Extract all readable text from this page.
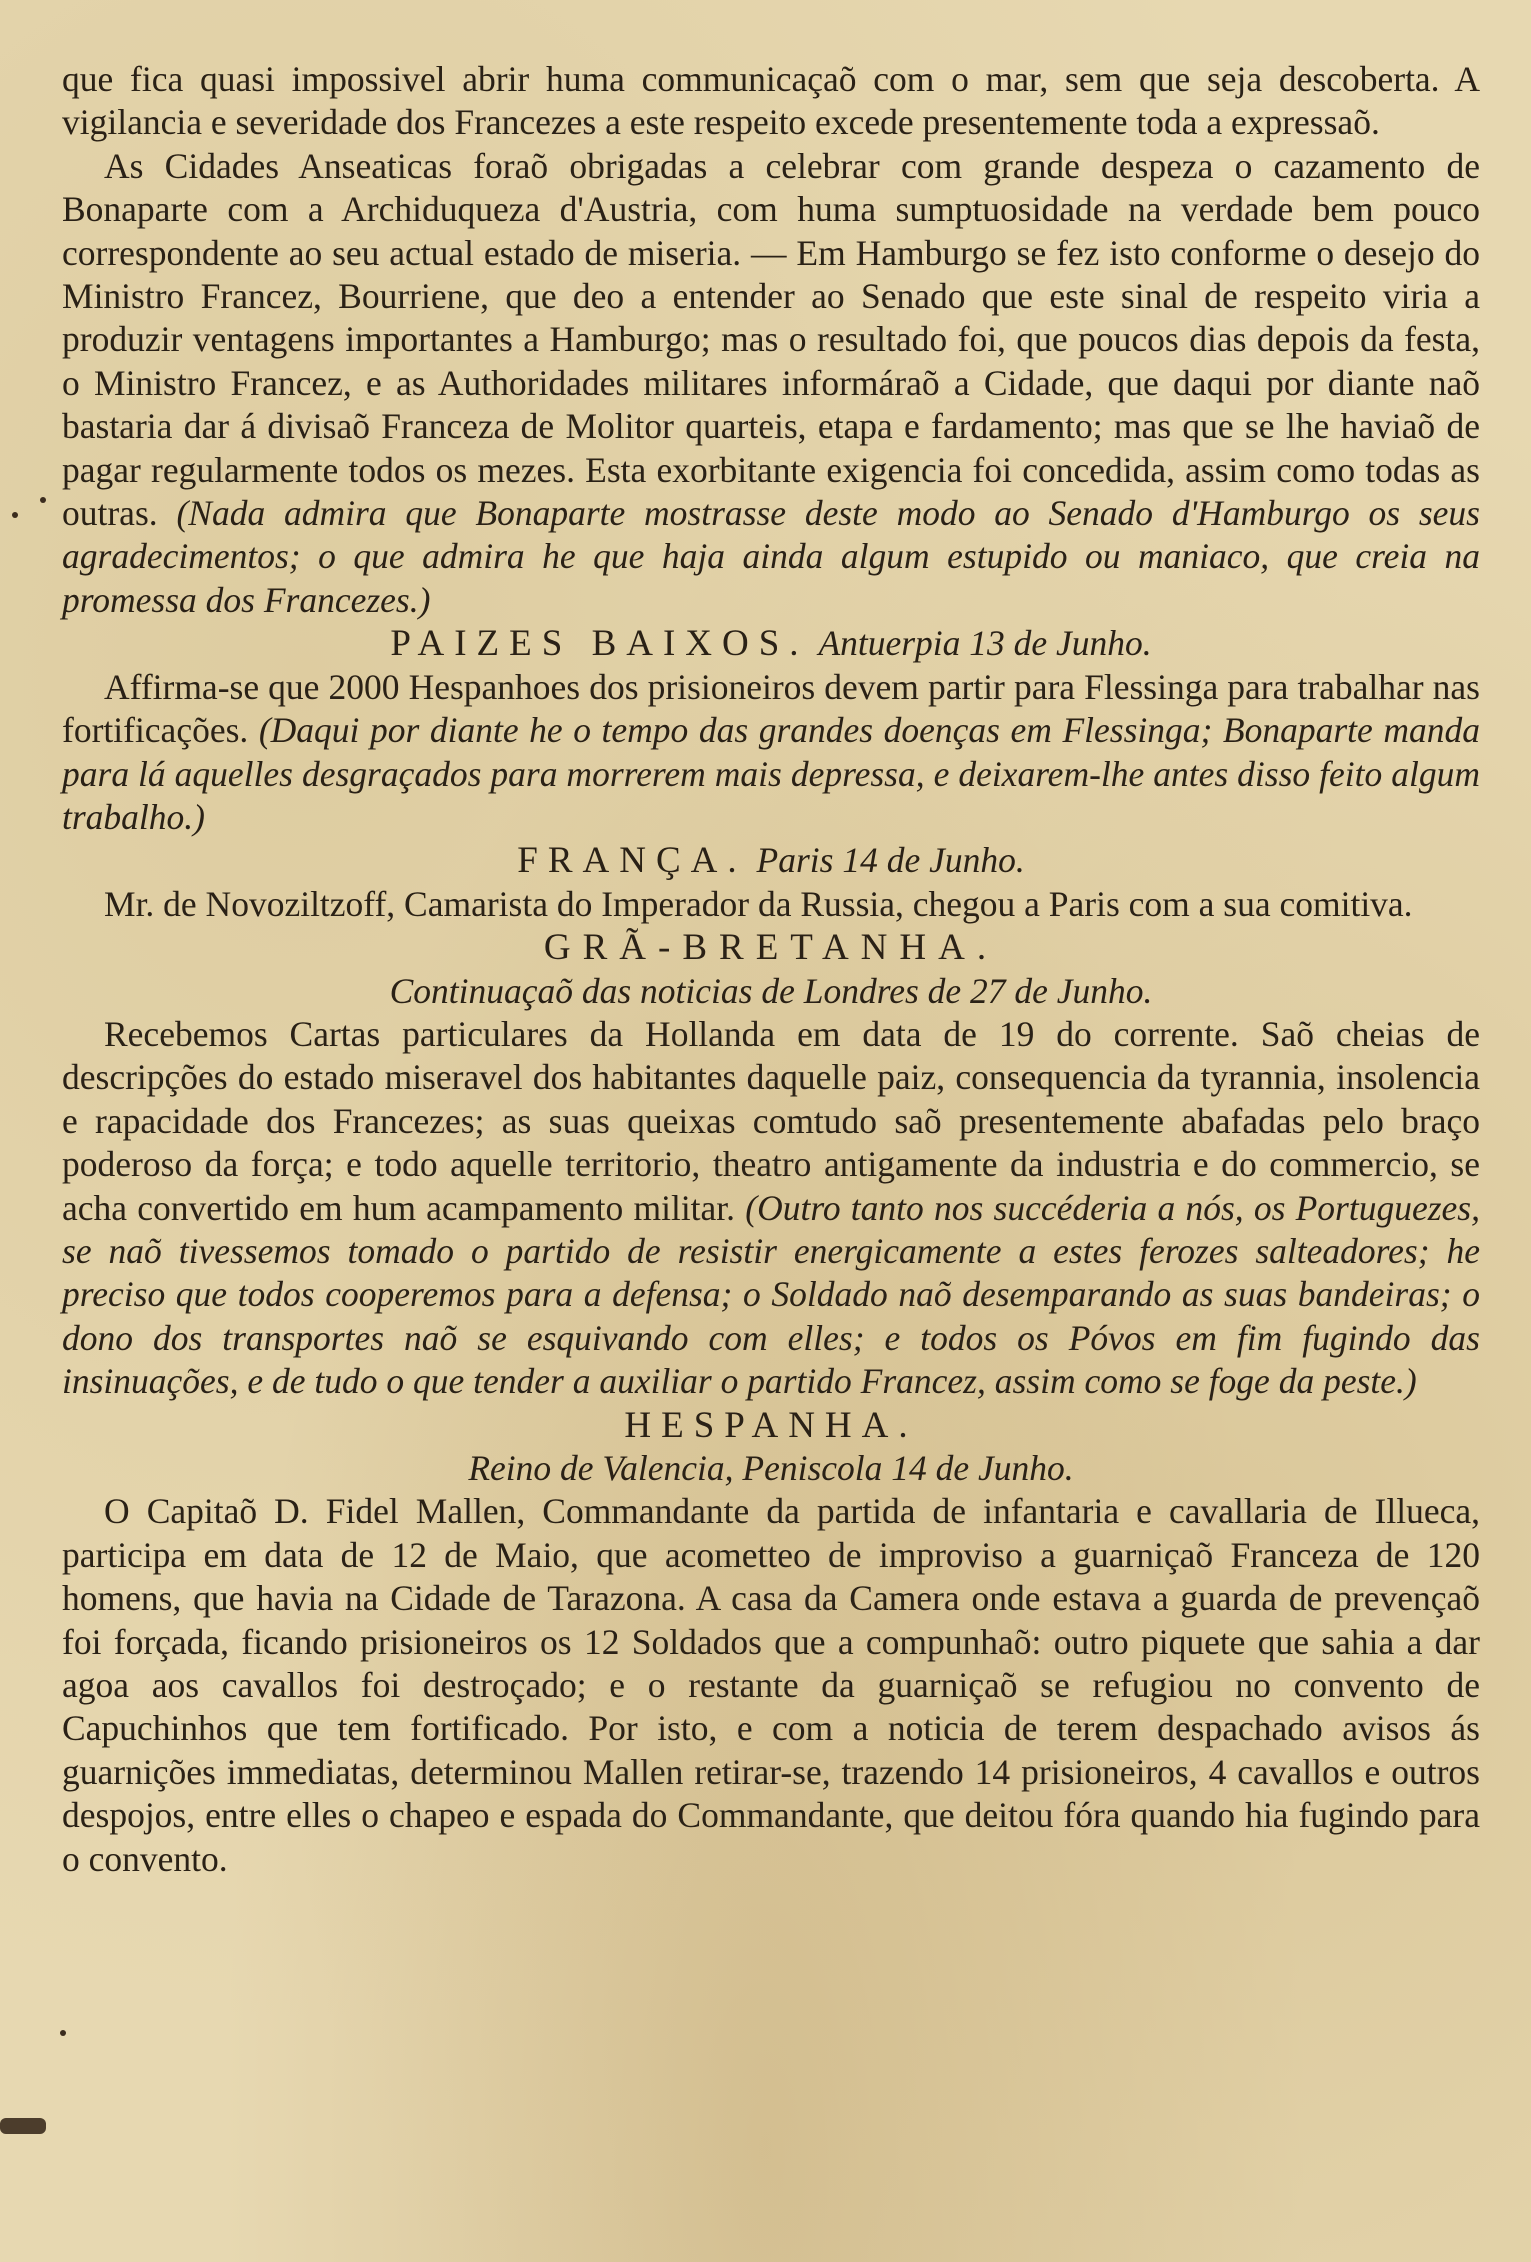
que fica quasi impossivel abrir huma communicaçaõ com o mar, sem que seja descoberta. A vigilancia e severidade dos Francezes a este respeito excede presentemente toda a expressaõ.

As Cidades Anseaticas foraõ obrigadas a celebrar com grande despeza o cazamento de Bonaparte com a Archiduqueza d'Austria, com huma sumptuosidade na verdade bem pouco correspondente ao seu actual estado de miseria. — Em Hamburgo se fez isto conforme o desejo do Ministro Francez, Bourriene, que deo a entender ao Senado que este sinal de respeito viria a produzir ventagens importantes a Hamburgo; mas o resultado foi, que poucos dias depois da festa, o Ministro Francez, e as Authoridades militares informáraõ a Cidade, que daqui por diante naõ bastaria dar á divisaõ Franceza de Molitor quarteis, etapa e fardamento; mas que se lhe haviaõ de pagar regularmente todos os mezes. Esta exorbitante exigencia foi concedida, assim como todas as outras. (Nada admira que Bonaparte mostrasse deste modo ao Senado d'Hamburgo os seus agradecimentos; o que admira he que haja ainda algum estupido ou maniaco, que creia na promessa dos Francezes.)

PAIZES BAIXOS. Antuerpia 13 de Junho.

Affirma-se que 2000 Hespanhoes dos prisioneiros devem partir para Flessinga para trabalhar nas fortificações. (Daqui por diante he o tempo das grandes doenças em Flessinga; Bonaparte manda para lá aquelles desgraçados para morrerem mais depressa, e deixarem-lhe antes disso feito algum trabalho.)

FRANÇA. Paris 14 de Junho.

Mr. de Novoziltzoff, Camarista do Imperador da Russia, chegou a Paris com a sua comitiva.

GRÃ-BRETANHA.

Continuaçaõ das noticias de Londres de 27 de Junho.

Recebemos Cartas particulares da Hollanda em data de 19 do corrente. Saõ cheias de descripções do estado miseravel dos habitantes daquelle paiz, consequencia da tyrannia, insolencia e rapacidade dos Francezes; as suas queixas comtudo saõ presentemente abafadas pelo braço poderoso da força; e todo aquelle territorio, theatro antigamente da industria e do commercio, se acha convertido em hum acampamento militar. (Outro tanto nos succéderia a nós, os Portuguezes, se naõ tivessemos tomado o partido de resistir energicamente a estes ferozes salteadores; he preciso que todos cooperemos para a defensa; o Soldado naõ desemparando as suas bandeiras; o dono dos transportes naõ se esquivando com elles; e todos os Póvos em fim fugindo das insinuações, e de tudo o que tender a auxiliar o partido Francez, assim como se foge da peste.)

HESPANHA.

Reino de Valencia, Peniscola 14 de Junho.

O Capitaõ D. Fidel Mallen, Commandante da partida de infantaria e cavallaria de Illueca, participa em data de 12 de Maio, que acometteo de improviso a guarniçaõ Franceza de 120 homens, que havia na Cidade de Tarazona. A casa da Camera onde estava a guarda de prevençaõ foi forçada, ficando prisioneiros os 12 Soldados que a compunhaõ: outro piquete que sahia a dar agoa aos cavallos foi destroçado; e o restante da guarniçaõ se refugiou no convento de Capuchinhos que tem fortificado. Por isto, e com a noticia de terem despachado avisos ás guarnições immediatas, determinou Mallen retirar-se, trazendo 14 prisioneiros, 4 cavallos e outros despojos, entre elles o chapeo e espada do Commandante, que deitou fóra quando hia fugindo para o convento.
